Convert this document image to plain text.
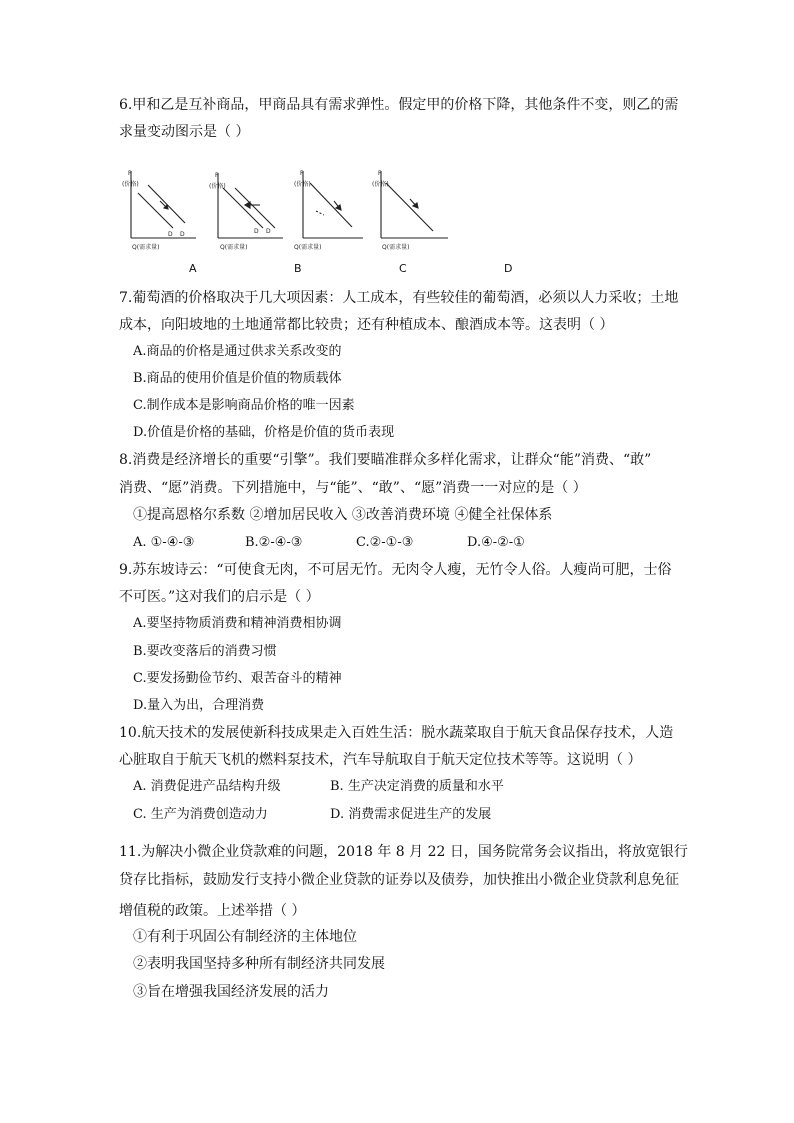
6.甲和乙是互补商品，甲商品具有需求弹性。假定甲的价格下降，其他条件不变，则乙的需
求量变动图示是（ ）
P
(价格)
D D
Q(需求量)
P
(价格)
D D
Q(需求量)
P
(价格)
Q(需求量)
P
(价格)
Q(需求量)
A	B	C	D
7.葡萄酒的价格取决于几大项因素：人工成本，有些较佳的葡萄酒，必须以人力采收；土地
成本，向阳坡地的土地通常都比较贵；还有种植成本、酿酒成本等。这表明（ ）
A.商品的价格是通过供求关系改变的
B.商品的使用价值是价值的物质载体
C.制作成本是影响商品价格的唯一因素
D.价值是价格的基础，价格是价值的货币表现
8.消费是经济增长的重要“引擎”。我们要瞄准群众多样化需求，让群众“能”消费、“敢”
消费、“愿”消费。下列措施中，与“能”、“敢”、“愿”消费一一对应的是（ ）
①提高恩格尔系数 ②增加居民收入 ③改善消费环境 ④健全社保体系
A. ①-④-③	B.②-④-③	C.②-①-③	D.④-②-①
9.苏东坡诗云：“可使食无肉，不可居无竹。无肉令人瘦，无竹令人俗。人瘦尚可肥，士俗
不可医。”这对我们的启示是（ ）
A.要坚持物质消费和精神消费相协调
B.要改变落后的消费习惯
C.要发扬勤俭节约、艰苦奋斗的精神
D.量入为出，合理消费
10.航天技术的发展使新科技成果走入百姓生活：脱水蔬菜取自于航天食品保存技术，人造
心脏取自于航天飞机的燃料泵技术，汽车导航取自于航天定位技术等等。这说明（ ）
A. 消费促进产品结构升级	B. 生产决定消费的质量和水平
C. 生产为消费创造动力	D. 消费需求促进生产的发展
11.为解决小微企业贷款难的问题，2018 年 8 月 22 日，国务院常务会议指出，将放宽银行
贷存比指标，鼓励发行支持小微企业贷款的证券以及债券，加快推出小微企业贷款利息免征
增值税的政策。上述举措（ ）
①有利于巩固公有制经济的主体地位
②表明我国坚持多种所有制经济共同发展
③旨在增强我国经济发展的活力
